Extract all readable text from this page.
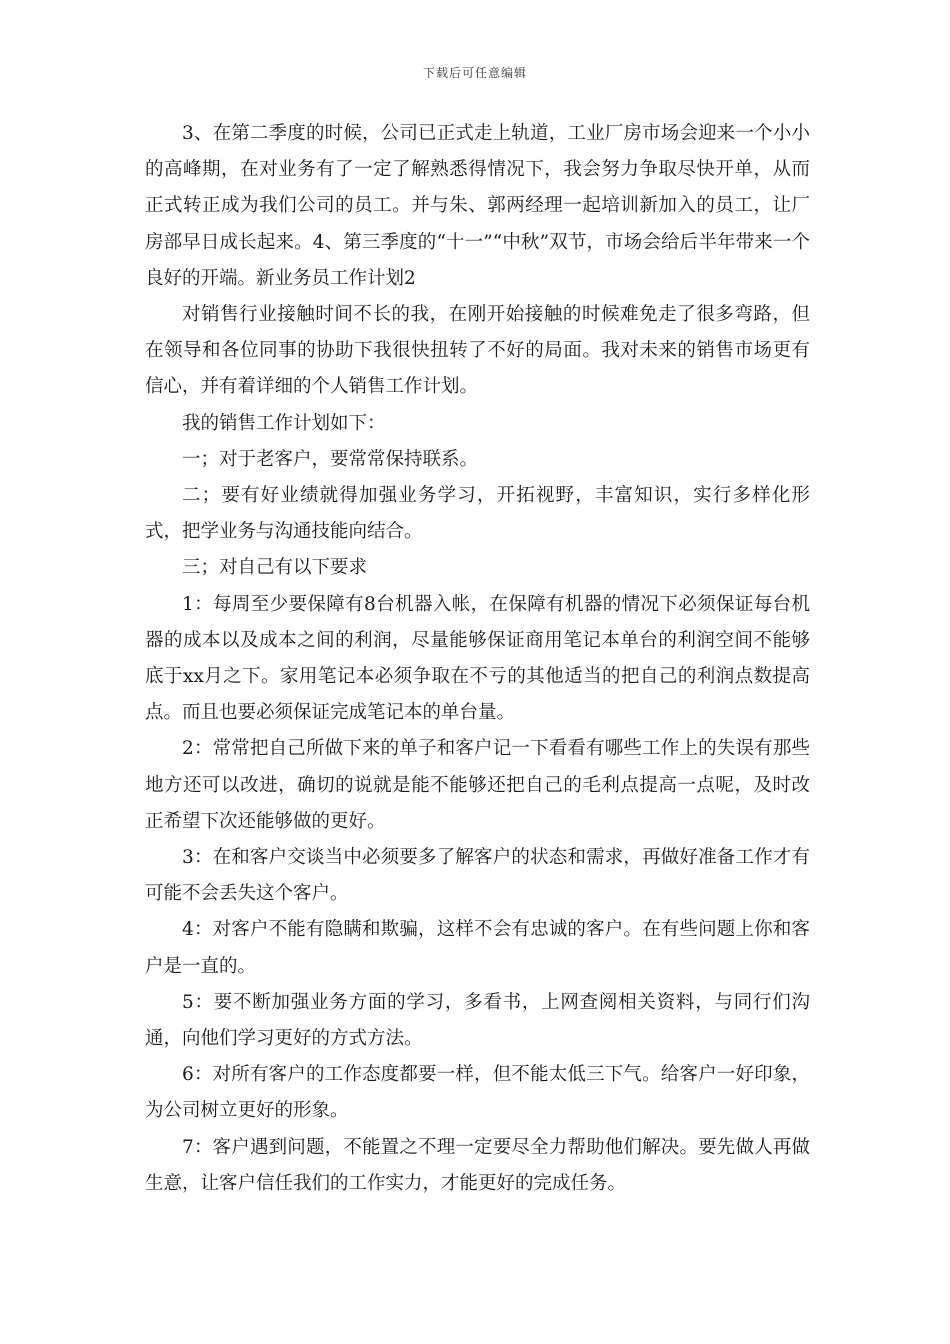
下载后可任意编辑

3、在第二季度的时候，公司已正式走上轨道，工业厂房市场会迎来一个小小的高峰期，在对业务有了一定了解熟悉得情况下，我会努力争取尽快开单，从而正式转正成为我们公司的员工。并与朱、郭两经理一起培训新加入的员工，让厂房部早日成长起来。4、第三季度的“十一”“中秋”双节，市场会给后半年带来一个良好的开端。新业务员工作计划2

对销售行业接触时间不长的我，在刚开始接触的时候难免走了很多弯路，但在领导和各位同事的协助下我很快扭转了不好的局面。我对未来的销售市场更有信心，并有着详细的个人销售工作计划。

我的销售工作计划如下：

一；对于老客户，要常常保持联系。

二；要有好业绩就得加强业务学习，开拓视野，丰富知识，实行多样化形式，把学业务与沟通技能向结合。

三；对自己有以下要求

1：每周至少要保障有8台机器入帐，在保障有机器的情况下必须保证每台机器的成本以及成本之间的利润，尽量能够保证商用笔记本单台的利润空间不能够底于xx月之下。家用笔记本必须争取在不亏的其他适当的把自己的利润点数提高点。而且也要必须保证完成笔记本的单台量。

2：常常把自己所做下来的单子和客户记一下看看有哪些工作上的失误有那些地方还可以改进，确切的说就是能不能够还把自己的毛利点提高一点呢，及时改正希望下次还能够做的更好。

3：在和客户交谈当中必须要多了解客户的状态和需求，再做好准备工作才有可能不会丢失这个客户。

4：对客户不能有隐瞒和欺骗，这样不会有忠诚的客户。在有些问题上你和客户是一直的。

5：要不断加强业务方面的学习，多看书，上网查阅相关资料，与同行们沟通，向他们学习更好的方式方法。

6：对所有客户的工作态度都要一样，但不能太低三下气。给客户一好印象，为公司树立更好的形象。

7：客户遇到问题，不能置之不理一定要尽全力帮助他们解决。要先做人再做生意，让客户信任我们的工作实力，才能更好的完成任务。
